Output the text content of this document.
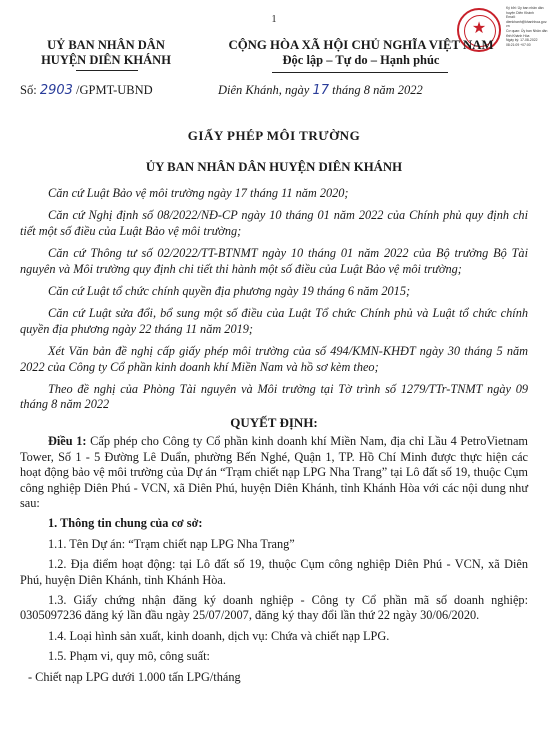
1
★
Ký bởi: Ủy ban nhân dân
huyện Diên Khánh
Email:
dienkhanh@khanhhoa.gov.
vn
Cơ quan: Ủy ban Nhân dân
tỉnh Khánh Hòa
Ngày ký: 17-08-2022
08:21:09 +07:00
UỶ BAN NHÂN DÂN
HUYỆN DIÊN KHÁNH
CỘNG HÒA XÃ HỘI CHỦ NGHĨA VIỆT NAM
Độc lập – Tự do – Hạnh phúc
Số: 2903 /GPMT-UBND	Diên Khánh, ngày 17 tháng 8 năm 2022
GIẤY PHÉP MÔI TRƯỜNG
ỦY BAN NHÂN DÂN HUYỆN DIÊN KHÁNH

Căn cứ Luật Bảo vệ môi trường ngày 17 tháng 11 năm 2020;

Căn cứ Nghị định số 08/2022/NĐ-CP ngày 10 tháng 01 năm 2022 của Chính phủ quy định chi tiết một số điều của Luật Bảo vệ môi trường;

Căn cứ Thông tư số 02/2022/TT-BTNMT ngày 10 tháng 01 năm 2022 của Bộ trưởng Bộ Tài nguyên và Môi trường quy định chi tiết thi hành một số điều của Luật Bảo vệ môi trường;

Căn cứ Luật tổ chức chính quyền địa phương ngày 19 tháng 6 năm 2015;

Căn cứ Luật sửa đổi, bổ sung một số điều của Luật Tổ chức Chính phủ và Luật tổ chức chính quyền địa phương ngày 22 tháng 11 năm 2019;

Xét Văn bản đề nghị cấp giấy phép môi trường của số 494/KMN-KHĐT ngày 30 tháng 5 năm 2022 của Công ty Cổ phần kinh doanh khí Miền Nam và hồ sơ kèm theo;

Theo đề nghị của Phòng Tài nguyên và Môi trường tại Tờ trình số 1279/TTr-TNMT ngày 09 tháng 8 năm 2022

QUYẾT ĐỊNH:

Điều 1: Cấp phép cho Công ty Cổ phần kinh doanh khí Miền Nam, địa chỉ Lầu 4 PetroVietnam Tower, Số 1 - 5 Đường Lê Duẩn, phường Bến Nghé, Quận 1, TP. Hồ Chí Minh được thực hiện các hoạt động bảo vệ môi trường của Dự án “Trạm chiết nạp LPG Nha Trang” tại Lô đất số 19, thuộc Cụm công nghiệp Diên Phú - VCN, xã Diên Phú, huyện Diên Khánh, tỉnh Khánh Hòa với các nội dung như sau:

1. Thông tin chung của cơ sở:

1.1. Tên Dự án: “Trạm chiết nạp LPG Nha Trang”

1.2. Địa điểm hoạt động: tại Lô đất số 19, thuộc Cụm công nghiệp Diên Phú - VCN, xã Diên Phú, huyện Diên Khánh, tỉnh Khánh Hòa.

1.3. Giấy chứng nhận đăng ký doanh nghiệp - Công ty Cổ phần mã số doanh nghiệp: 0305097236 đăng ký lần đầu ngày 25/07/2007, đăng ký thay đổi lần thứ 22 ngày 30/06/2020.

1.4. Loại hình sản xuất, kinh doanh, dịch vụ: Chứa và chiết nạp LPG.

1.5. Phạm vi, quy mô, công suất:

- Chiết nạp LPG dưới 1.000 tấn LPG/tháng
